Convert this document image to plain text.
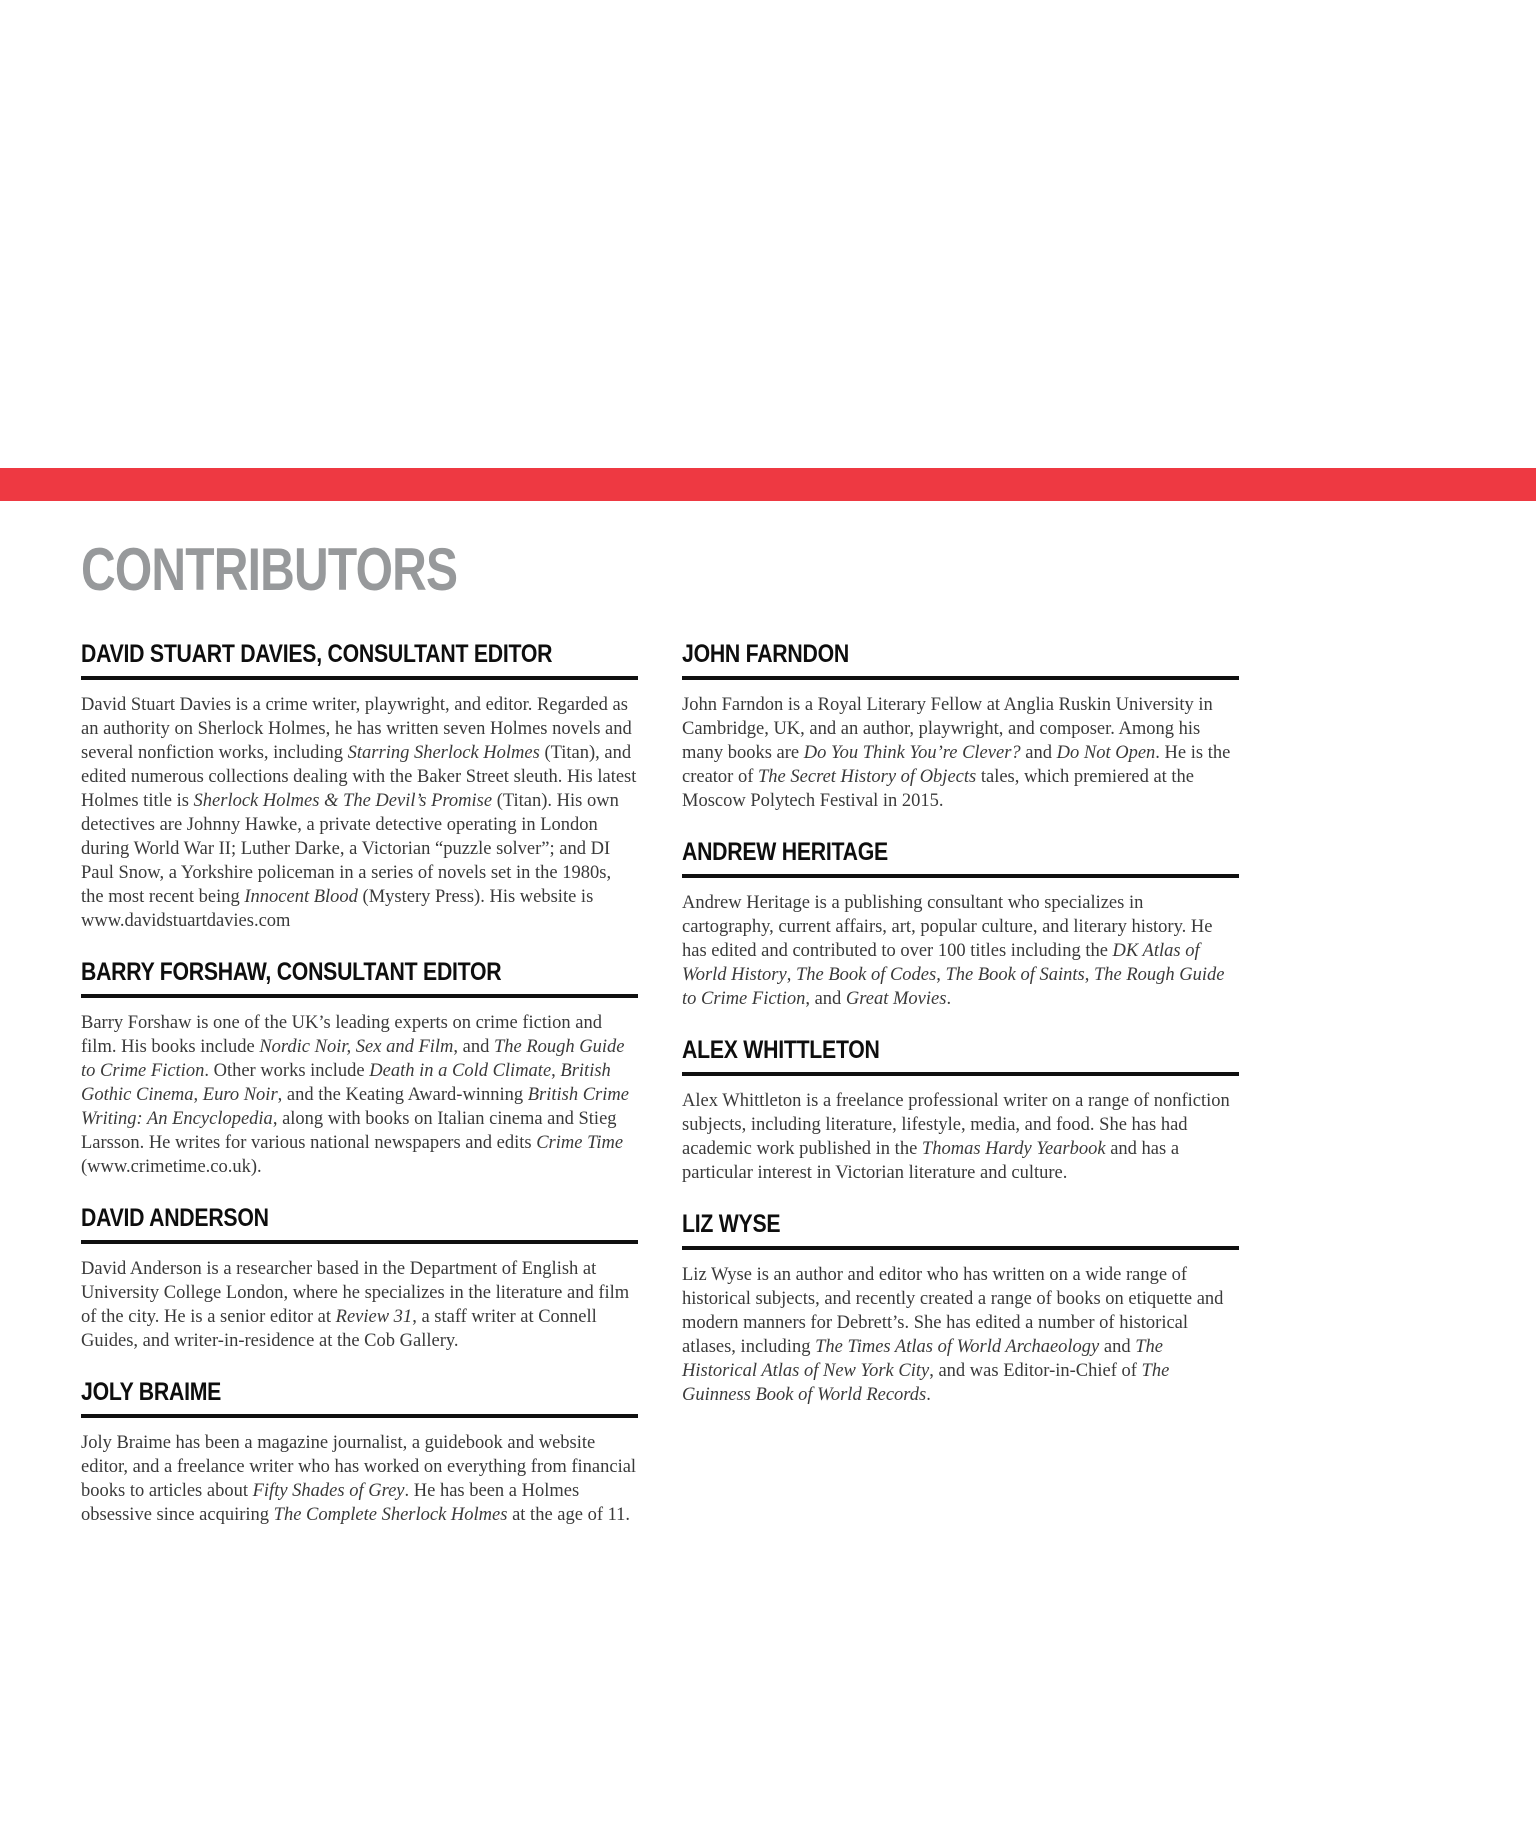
CONTRIBUTORS
DAVID STUART DAVIES, CONSULTANT EDITOR

David Stuart Davies is a crime writer, playwright, and editor. Regarded as an authority on Sherlock Holmes, he has written seven Holmes novels and several nonfiction works, including Starring Sherlock Holmes (Titan), and edited numerous collections dealing with the Baker Street sleuth. His latest Holmes title is Sherlock Holmes & The Devil’s Promise (Titan). His own detectives are Johnny Hawke, a private detective operating in London during World War II; Luther Darke, a Victorian “puzzle solver”; and DI Paul Snow, a Yorkshire policeman in a series of novels set in the 1980s, the most recent being Innocent Blood (Mystery Press). His website is www.davidstuartdavies.com

BARRY FORSHAW, CONSULTANT EDITOR

Barry Forshaw is one of the UK’s leading experts on crime fiction and film. His books include Nordic Noir, Sex and Film, and The Rough Guide to Crime Fiction. Other works include Death in a Cold Climate, British Gothic Cinema, Euro Noir, and the Keating Award-winning British Crime Writing: An Encyclopedia, along with books on Italian cinema and Stieg Larsson. He writes for various national newspapers and edits Crime Time (www.crimetime.co.uk).

DAVID ANDERSON

David Anderson is a researcher based in the Department of English at University College London, where he specializes in the literature and film of the city. He is a senior editor at Review 31, a staff writer at Connell Guides, and writer-in-residence at the Cob Gallery.

JOLY BRAIME

Joly Braime has been a magazine journalist, a guidebook and website editor, and a freelance writer who has worked on everything from financial books to articles about Fifty Shades of Grey. He has been a Holmes obsessive since acquiring The Complete Sherlock Holmes at the age of 11.

JOHN FARNDON

John Farndon is a Royal Literary Fellow at Anglia Ruskin University in Cambridge, UK, and an author, playwright, and composer. Among his many books are Do You Think You’re Clever? and Do Not Open. He is the creator of The Secret History of Objects tales, which premiered at the Moscow Polytech Festival in 2015.

ANDREW HERITAGE

Andrew Heritage is a publishing consultant who specializes in cartography, current affairs, art, popular culture, and literary history. He has edited and contributed to over 100 titles including the DK Atlas of World History, The Book of Codes, The Book of Saints, The Rough Guide to Crime Fiction, and Great Movies.

ALEX WHITTLETON

Alex Whittleton is a freelance professional writer on a range of nonfiction subjects, including literature, lifestyle, media, and food. She has had academic work published in the Thomas Hardy Yearbook and has a particular interest in Victorian literature and culture.

LIZ WYSE

Liz Wyse is an author and editor who has written on a wide range of historical subjects, and recently created a range of books on etiquette and modern manners for Debrett’s. She has edited a number of historical atlases, including The Times Atlas of World Archaeology and The Historical Atlas of New York City, and was Editor-in-Chief of The Guinness Book of World Records.
